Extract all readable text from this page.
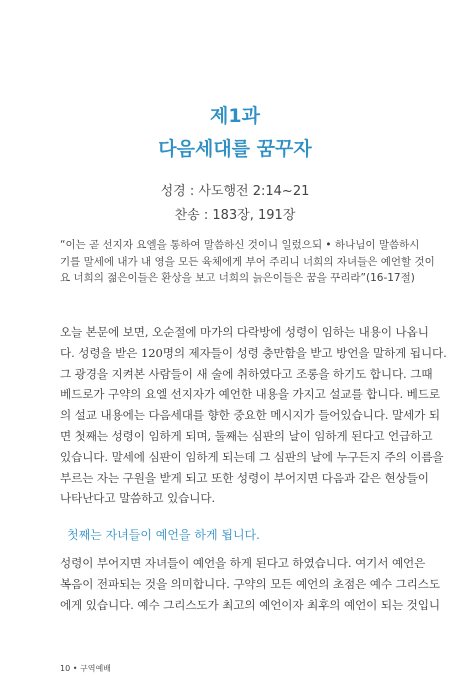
제1과
다음세대를 꿈꾸자
성경 : 사도행전 2:14~21
찬송 : 183장, 191장
“이는 곧 선지자 요엘을 통하여 말씀하신 것이니 일렀으되 • 하나님이 말씀하시
기를 말세에 내가 내 영을 모든 육체에게 부어 주리니 너희의 자녀들은 예언할 것이
요 너희의 젊은이들은 환상을 보고 너희의 늙은이들은 꿈을 꾸리라”(16-17절)
오늘 본문에 보면, 오순절에 마가의 다락방에 성령이 임하는 내용이 나옵니
다. 성령을 받은 120명의 제자들이 성령 충만함을 받고 방언을 말하게 됩니다.
그 광경을 지켜본 사람들이 새 술에 취하였다고 조롱을 하기도 합니다. 그때
베드로가 구약의 요엘 선지자가 예언한 내용을 가지고 설교를 합니다. 베드로
의 설교 내용에는 다음세대를 향한 중요한 메시지가 들어있습니다. 말세가 되
면 첫째는 성령이 임하게 되며, 둘째는 심판의 날이 임하게 된다고 언급하고
있습니다. 말세에 심판이 임하게 되는데 그 심판의 날에 누구든지 주의 이름을
부르는 자는 구원을 받게 되고 또한 성령이 부어지면 다음과 같은 현상들이
나타난다고 말씀하고 있습니다.
첫째는 자녀들이 예언을 하게 됩니다.
성령이 부어지면 자녀들이 예언을 하게 된다고 하였습니다. 여기서 예언은
복음이 전파되는 것을 의미합니다. 구약의 모든 예언의 초점은 예수 그리스도
에게 있습니다. 예수 그리스도가 최고의 예언이자 최후의 예언이 되는 것입니
10 • 구역예배
